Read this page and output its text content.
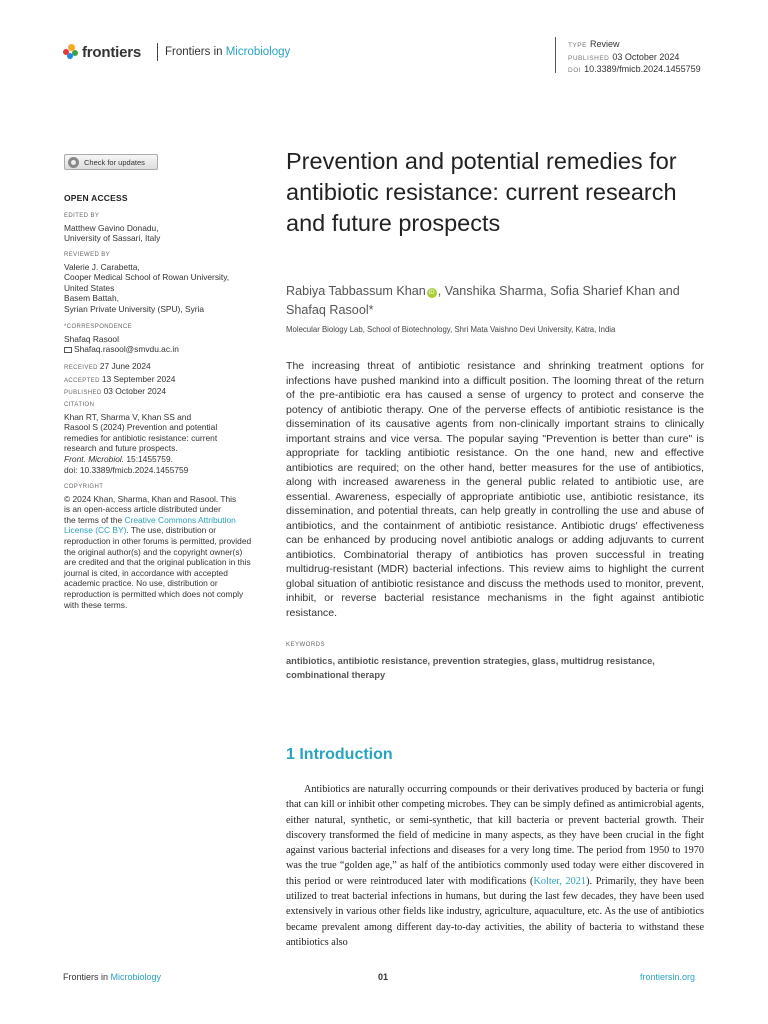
frontiers Frontiers in Microbiology
TYPE Review
PUBLISHED 03 October 2024
DOI 10.3389/fmicb.2024.1455759
Check for updates
OPEN ACCESS
EDITED BY
Matthew Gavino Donadu,
University of Sassari, Italy
REVIEWED BY
Valerie J. Carabetta,
Cooper Medical School of Rowan University,
United States
Basem Battah,
Syrian Private University (SPU), Syria
*CORRESPONDENCE
Shafaq Rasool
Shafaq.rasool@smvdu.ac.in
RECEIVED 27 June 2024
ACCEPTED 13 September 2024
PUBLISHED 03 October 2024
CITATION
Khan RT, Sharma V, Khan SS and
Rasool S (2024) Prevention and potential
remedies for antibiotic resistance: current
research and future prospects.
Front. Microbiol. 15:1455759.
doi: 10.3389/fmicb.2024.1455759
COPYRIGHT
© 2024 Khan, Sharma, Khan and Rasool. This
is an open-access article distributed under
the terms of the Creative Commons Attribution License (CC BY). The use, distribution or reproduction in other forums is permitted, provided the original author(s) and the copyright owner(s) are credited and that the original publication in this journal is cited, in accordance with accepted academic practice. No use, distribution or reproduction is permitted which does not comply with these terms.
Prevention and potential remedies for antibiotic resistance: current research and future prospects
Rabiya Tabbassum Khan iD , Vanshika Sharma, Sofia Sharief Khan and Shafaq Rasool*
Molecular Biology Lab, School of Biotechnology, Shri Mata Vaishno Devi University, Katra, India

The increasing threat of antibiotic resistance and shrinking treatment options for infections have pushed mankind into a difficult position. The looming threat of the return of the pre-antibiotic era has caused a sense of urgency to protect and conserve the potency of antibiotic therapy. One of the perverse effects of antibiotic resistance is the dissemination of its causative agents from non-clinically important strains to clinically important strains and vice versa. The popular saying "Prevention is better than cure" is appropriate for tackling antibiotic resistance. On the one hand, new and effective antibiotics are required; on the other hand, better measures for the use of antibiotics, along with increased awareness in the general public related to antibiotic use, are essential. Awareness, especially of appropriate antibiotic use, antibiotic resistance, its dissemination, and potential threats, can help greatly in controlling the use and abuse of antibiotics, and the containment of antibiotic resistance. Antibiotic drugs' effectiveness can be enhanced by producing novel antibiotic analogs or adding adjuvants to current antibiotics. Combinatorial therapy of antibiotics has proven successful in treating multidrug-resistant (MDR) bacterial infections. This review aims to highlight the current global situation of antibiotic resistance and discuss the methods used to monitor, prevent, inhibit, or reverse bacterial resistance mechanisms in the fight against antibiotic resistance.

KEYWORDS
antibiotics, antibiotic resistance, prevention strategies, glass, multidrug resistance, combinational therapy
1 Introduction

Antibiotics are naturally occurring compounds or their derivatives produced by bacteria or fungi that can kill or inhibit other competing microbes. They can be simply defined as antimicrobial agents, either natural, synthetic, or semi-synthetic, that kill bacteria or prevent bacterial growth. Their discovery transformed the field of medicine in many aspects, as they have been crucial in the fight against various bacterial infections and diseases for a very long time. The period from 1950 to 1970 was the true “golden age,” as half of the antibiotics commonly used today were either discovered in this period or were reintroduced later with modifications (Kolter, 2021). Primarily, they have been utilized to treat bacterial infections in humans, but during the last few decades, they have been used extensively in various other fields like industry, agriculture, aquaculture, etc. As the use of antibiotics became prevalent among different day-to-day activities, the ability of bacteria to withstand these antibiotics also

Frontiers in Microbiology	01	frontiersin.org
